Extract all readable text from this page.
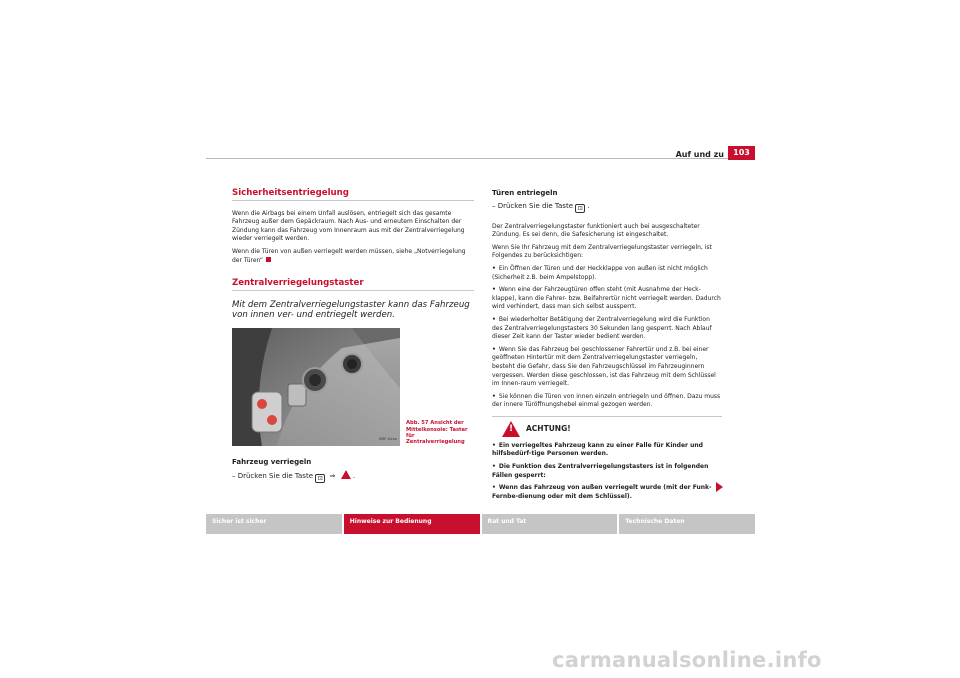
Auf und zu	103
Sicherheitsentriegelung

Wenn die Airbags bei einem Unfall auslösen, entriegelt sich das gesamte Fahrzeug außer dem Gepäckraum. Nach Aus- und erneutem Einschalten der Zündung kann das Fahrzeug vom Innenraum aus mit der Zentralverriegelung wieder verriegelt werden.

Wenn die Türen von außen verriegelt werden müssen, siehe „Notverriegelung der Türen“

Zentralverriegelungstaster

Mit dem Zentralverriegelungstaster kann das Fahrzeug von innen ver- und entriegelt werden.

B5F-0xxx
Abb. 57 Ansicht der Mittelkonsole: Taster für Zentralverriegelung
Fahrzeug verriegeln
– Drücken Sie die Taste ⊡ ⇒ .
Türen entriegeln
– Drücken Sie die Taste ⊡ .

Der Zentralverriegelungstaster funktioniert auch bei ausgeschalteter Zündung. Es sei denn, die Safesicherung ist eingeschaltet.

Wenn Sie Ihr Fahrzeug mit dem Zentralverriegelungstaster verriegeln, ist Folgendes zu berücksichtigen:

• Ein Öffnen der Türen und der Heckklappe von außen ist nicht möglich (Sicherheit z.B. beim Ampelstopp).

• Wenn eine der Fahrzeugtüren offen steht (mit Ausnahme der Heck-klappe), kann die Fahrer- bzw. Beifahrertür nicht verriegelt werden. Dadurch wird verhindert, dass man sich selbst aussperrt.

• Bei wiederholter Betätigung der Zentralverriegelung wird die Funktion des Zentralverriegelungstasters 30 Sekunden lang gesperrt. Nach Ablauf dieser Zeit kann der Taster wieder bedient werden.

• Wenn Sie das Fahrzeug bei geschlossener Fahrertür und z.B. bei einer geöffneten Hintertür mit dem Zentralverriegelungstaster verriegeln, besteht die Gefahr, dass Sie den Fahrzeugschlüssel im Fahrzeuginnern vergessen. Werden diese geschlossen, ist das Fahrzeug mit dem Schlüssel im Innen-raum verriegelt.

• Sie können die Türen von innen einzeln entriegeln und öffnen. Dazu muss der innere Türöffnungshebel einmal gezogen werden.

!
ACHTUNG!

• Ein verriegeltes Fahrzeug kann zu einer Falle für Kinder und hilfsbedürf-tige Personen werden.

• Die Funktion des Zentralverriegelungstasters ist in folgenden Fällen gesperrt:

• Wenn das Fahrzeug von außen verriegelt wurde (mit der Funk-Fernbe-dienung oder mit dem Schlüssel).

Sicher ist sicher	Hinweise zur Bedienung	Rat und Tat	Technische Daten
carmanualsonline.info
